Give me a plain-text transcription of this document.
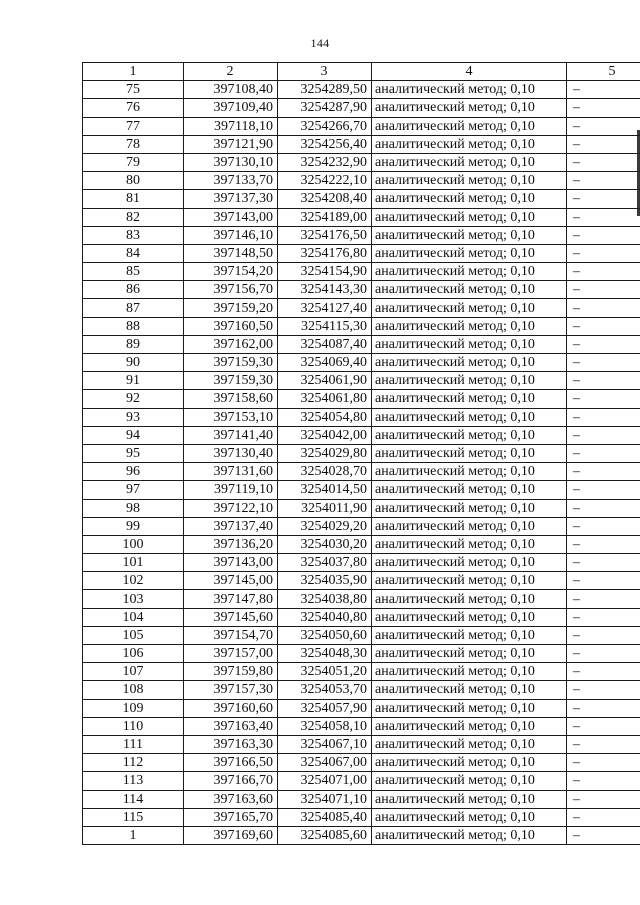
144
1	2	3	4	5
75	397108,40	3254289,50	аналитический метод; 0,10	–
76	397109,40	3254287,90	аналитический метод; 0,10	–
77	397118,10	3254266,70	аналитический метод; 0,10	–
78	397121,90	3254256,40	аналитический метод; 0,10	–
79	397130,10	3254232,90	аналитический метод; 0,10	–
80	397133,70	3254222,10	аналитический метод; 0,10	–
81	397137,30	3254208,40	аналитический метод; 0,10	–
82	397143,00	3254189,00	аналитический метод; 0,10	–
83	397146,10	3254176,50	аналитический метод; 0,10	–
84	397148,50	3254176,80	аналитический метод; 0,10	–
85	397154,20	3254154,90	аналитический метод; 0,10	–
86	397156,70	3254143,30	аналитический метод; 0,10	–
87	397159,20	3254127,40	аналитический метод; 0,10	–
88	397160,50	3254115,30	аналитический метод; 0,10	–
89	397162,00	3254087,40	аналитический метод; 0,10	–
90	397159,30	3254069,40	аналитический метод; 0,10	–
91	397159,30	3254061,90	аналитический метод; 0,10	–
92	397158,60	3254061,80	аналитический метод; 0,10	–
93	397153,10	3254054,80	аналитический метод; 0,10	–
94	397141,40	3254042,00	аналитический метод; 0,10	–
95	397130,40	3254029,80	аналитический метод; 0,10	–
96	397131,60	3254028,70	аналитический метод; 0,10	–
97	397119,10	3254014,50	аналитический метод; 0,10	–
98	397122,10	3254011,90	аналитический метод; 0,10	–
99	397137,40	3254029,20	аналитический метод; 0,10	–
100	397136,20	3254030,20	аналитический метод; 0,10	–
101	397143,00	3254037,80	аналитический метод; 0,10	–
102	397145,00	3254035,90	аналитический метод; 0,10	–
103	397147,80	3254038,80	аналитический метод; 0,10	–
104	397145,60	3254040,80	аналитический метод; 0,10	–
105	397154,70	3254050,60	аналитический метод; 0,10	–
106	397157,00	3254048,30	аналитический метод; 0,10	–
107	397159,80	3254051,20	аналитический метод; 0,10	–
108	397157,30	3254053,70	аналитический метод; 0,10	–
109	397160,60	3254057,90	аналитический метод; 0,10	–
110	397163,40	3254058,10	аналитический метод; 0,10	–
111	397163,30	3254067,10	аналитический метод; 0,10	–
112	397166,50	3254067,00	аналитический метод; 0,10	–
113	397166,70	3254071,00	аналитический метод; 0,10	–
114	397163,60	3254071,10	аналитический метод; 0,10	–
115	397165,70	3254085,40	аналитический метод; 0,10	–
1	397169,60	3254085,60	аналитический метод; 0,10	–
